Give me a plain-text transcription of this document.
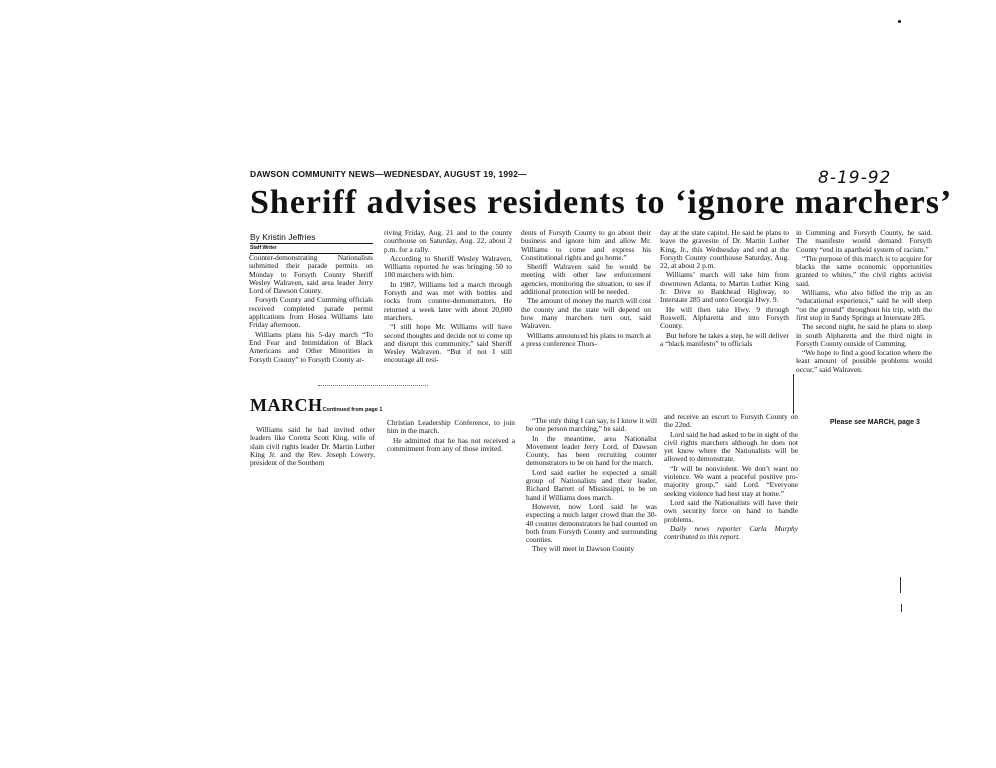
DAWSON COMMUNITY NEWS—WEDNESDAY, AUGUST 19, 1992—	8-19-92
Sheriff advises residents to ‘ignore marchers’
By Kristin Jeffries
Staff Writer

Counter-demonstrating Nationalists submitted their parade permits on Monday to Forsyth County Sheriff Wesley Walraven, said area leader Jerry Lord of Dawson County.

Forsyth County and Cumming officials received completed parade permit applications from Hosea Williams late Friday afternoon.

Williams plans his 5-day march “To End Fear and Intimidation of Black Americans and Other Minorities in Forsyth County” to Forsyth County ar-

riving Friday, Aug. 21 and to the county courthouse on Saturday, Aug. 22, about 2 p.m. for a rally.

According to Sheriff Wesley Walraven, Williams reported he was bringing 50 to 100 marchers with him.

In 1987, Williams led a march through Forsyth and was met with bottles and rocks from counter-demonstrators. He returned a week later with about 20,000 marchers.

“I still hope Mr. Williams will have second thoughts and decide not to come up and disrupt this community,” said Sheriff Wesley Walraven. “But if not I still encourage all resi-

dents of Forsyth County to go about their business and ignore him and allow Mr. Williams to come and express his Constitutional rights and go home.”

Sheriff Walraven said he would be meeting with other law enforcement agencies, monitoring the situation, to see if additional protection will be needed.

The amount of money the march will cost the county and the state will depend on how many marchers turn out, said Walraven.

Williams announced his plans to march at a press conference Thurs-

day at the state capitol. He said he plans to leave the gravesite of Dr. Martin Luther King, Jr., this Wednesday and end at the Forsyth County courthouse Saturday, Aug. 22, at about 2 p.m.

Williams’ march will take him from downtown Atlanta, to Martin Luther King Jr. Drive to Bankhead Highway, to Interstate 285 and onto Georgia Hwy. 9.

He will then take Hwy. 9 through Roswell, Alpharetta and into Forsyth County.

But before he takes a step, he will deliver a “black manifesto” to officials

in Cumming and Forsyth County, he said. The manifesto would demand Forsyth County “end its apartheid system of racism.”

“The purpose of this march is to acquire for blacks the same economic opportunities granted to whites,” the civil rights activist said.

Williams, who also billed the trip as an “educational experience,” said he will sleep “on the ground” throughout his trip, with the first stop in Sandy Springs at Interstate 285.

The second night, he said he plans to sleep in south Alpharetta and the third night in Forsyth County outside of Cumming.

“We hope to find a good location where the least amount of possible problems would occur,” said Walraven.

Please see MARCH, page 3
MARCHContinued from page 1

Williams said he had invited other leaders like Coretta Scott King, wife of slain civil rights leader Dr. Martin Luther King Jr. and the Rev. Joseph Lowery, president of the Southern

Christian Leadership Conference, to join him in the march.

He admitted that he has not received a commitment from any of those invited.

“The only thing I can say, is I know it will be one person marching,” he said.

In the meantime, area Nationalist Movement leader Jerry Lord, of Dawson County, has been recruiting counter demonstrators to be on hand for the march.

Lord said earlier he expected a small group of Nationalists and their leader, Richard Barrett of Mississippi, to be on hand if Williams does march.

However, now Lord said he was expecting a much larger crowd than the 30-40 counter demonstrators he had counted on both from Forsyth County and surrounding counties.

They will meet in Dawson County

and receive an escort to Forsyth County on the 22nd.

Lord said he had asked to be in sight of the civil rights marchers although he does not yet know where the Nationalists will be allowed to demonstrate.

“It will be nonviolent. We don’t want no violence. We want a peaceful positive pro-majority group,” said Lord. “Everyone seeking violence had best stay at home.”

Lord said the Nationalists will have their own security force on hand to handle problems.

Daily news reporter Carla Murphy contributed to this report.
